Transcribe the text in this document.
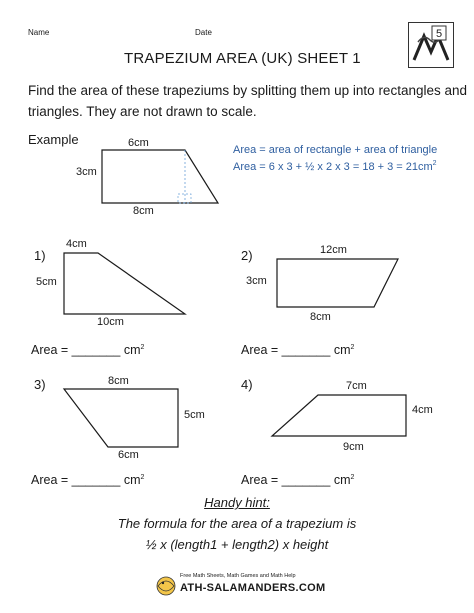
Name	Date
TRAPEZIUM AREA (UK) SHEET 1
5
Find the area of these trapeziums by splitting them up into rectangles and triangles. They are not drawn to scale.
Example	6cm
3cm
8cm
Area = area of rectangle + area of triangle
Area = 6 x 3 + ½ x 2 x $3 = 18 + 3 = 21cm^2$
1)
4cm
5cm
10cm
2)	12cm
3cm
8cm
3)	8cm
5cm
6cm
4)	7cm
4cm
9cm
Area = _______ $cm^2$	Area = _______ $cm^2$
Area = _______ $cm^2$	Area = _______ $cm^2$
Handy hint:
The formula for the area of a trapezium is
½ x (length1 + length2) x height
Free Math Sheets, Math Games and Math Help
ATH-SALAMANDERS.COM
